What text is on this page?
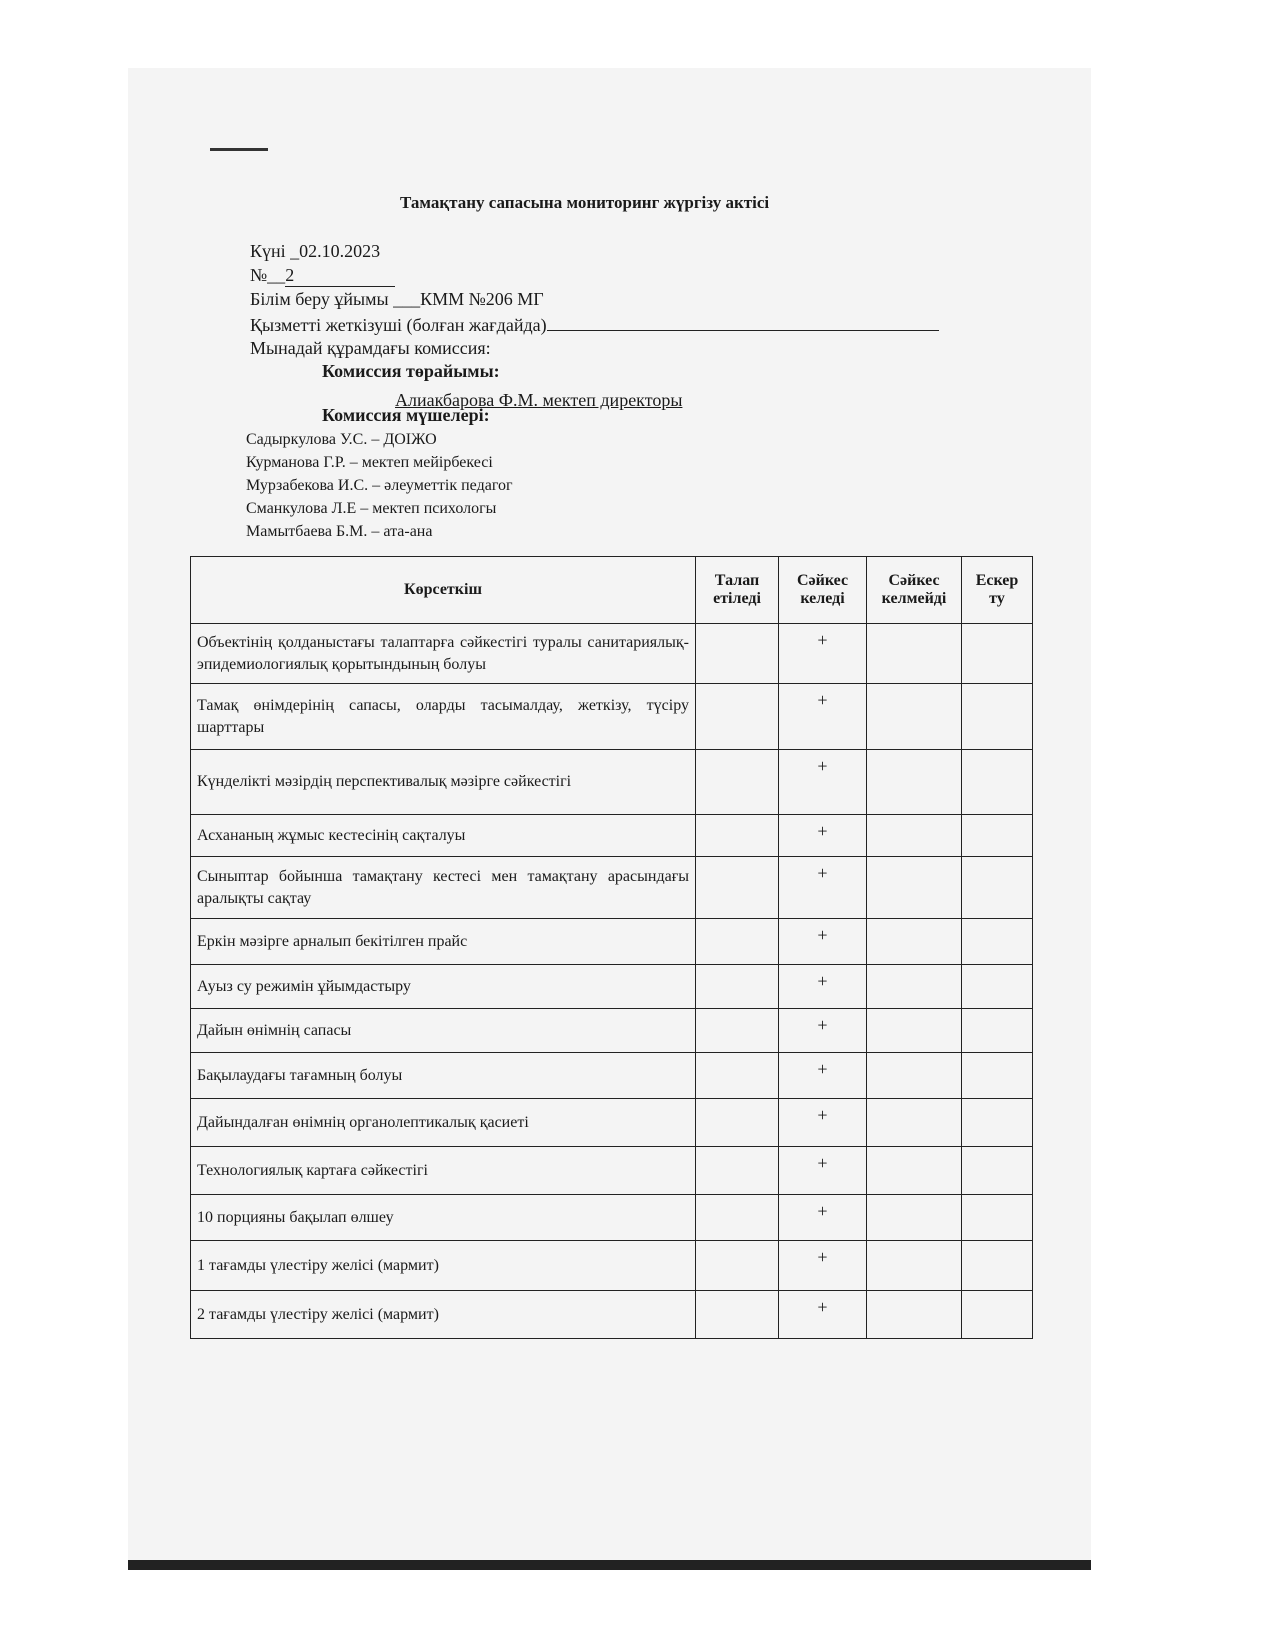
Тамақтану сапасына мониторинг жүргізу актісі
Күні _02.10.2023
№__2
Білім беру ұйымы ___КММ №206 МГ
Қызметті жеткізуші (болған жағдайда)
Мынадай құрамдағы комиссия:
Комиссия төрайымы:
Алиакбарова Ф.М. мектеп директоры
Комиссия мүшелері:
Садыркулова У.С. – ДОІЖО
Курманова Г.Р. – мектеп мейірбекесі
Мурзабекова И.С. – әлеуметтік педагог
Сманкулова Л.Е – мектеп психологы
Мамытбаева Б.М. – ата-ана
Көрсеткіш	Талап етіледі	Сәйкес келеді	Сәйкес келмейді	Ескер ту
Объектінің қолданыстағы талаптарға сәйкестігі туралы санитариялық-эпидемиологиялық қорытындының болуы		+		
Тамақ өнімдерінің сапасы, оларды тасымалдау, жеткізу, түсіру шарттары		+		
Күнделікті мәзірдің перспективалық мәзірге сәйкестігі		+		
Асхананың жұмыс кестесінің сақталуы		+		
Сыныптар бойынша тамақтану кестесі мен тамақтану арасындағы аралықты сақтау		+		
Еркін мәзірге арналып бекітілген прайс		+		
Ауыз су режимін ұйымдастыру		+		
Дайын өнімнің сапасы		+		
Бақылаудағы тағамның болуы		+		
Дайындалған өнімнің органолептикалық қасиеті		+		
Технологиялық картаға сәйкестігі		+		
10 порцияны бақылап өлшеу		+		
1 тағамды үлестіру желісі (мармит)		+		
2 тағамды үлестіру желісі (мармит)		+		
